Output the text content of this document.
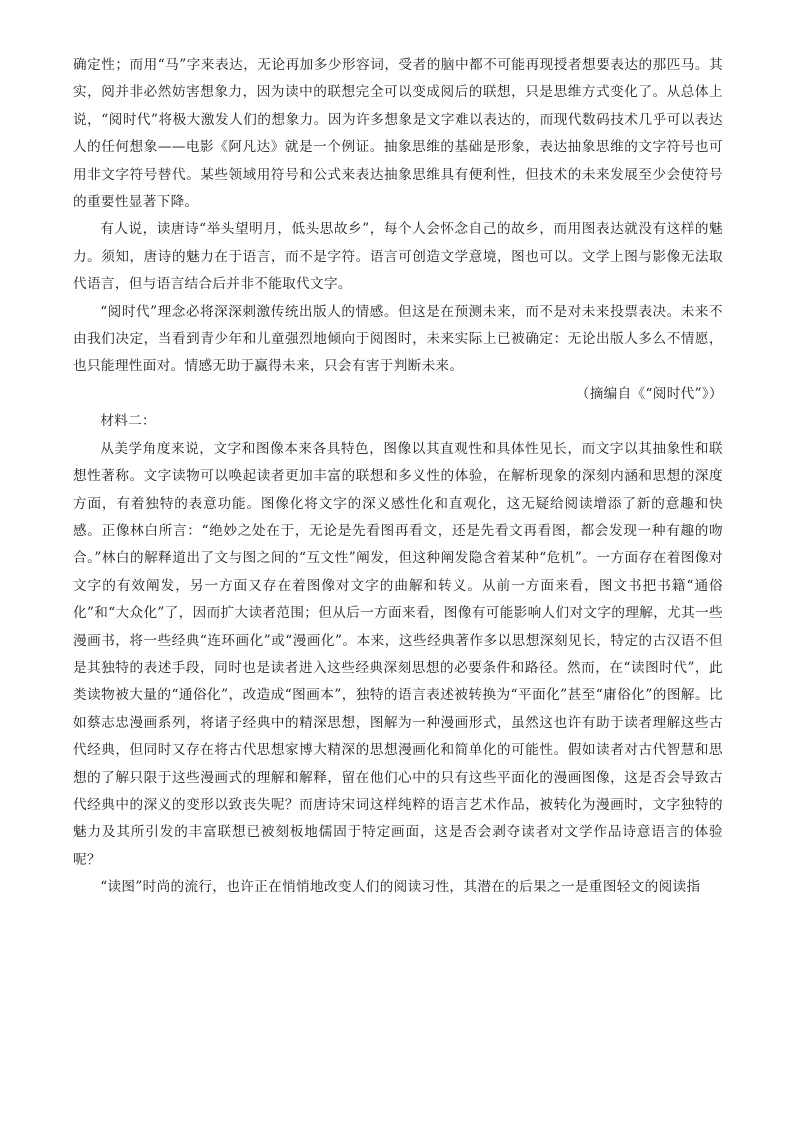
确定性；而用“马”字来表达，无论再加多少形容词，受者的脑中都不可能再现授者想要表达的那匹马。其实，阅并非必然妨害想象力，因为读中的联想完全可以变成阅后的联想，只是思维方式变化了。从总体上说，“阅时代”将极大激发人们的想象力。因为许多想象是文字难以表达的，而现代数码技术几乎可以表达人的任何想象——电影《阿凡达》就是一个例证。抽象思维的基础是形象，表达抽象思维的文字符号也可用非文字符号替代。某些领域用符号和公式来表达抽象思维具有便利性，但技术的未来发展至少会使符号的重要性显著下降。

有人说，读唐诗“举头望明月，低头思故乡”，每个人会怀念自己的故乡，而用图表达就没有这样的魅力。须知，唐诗的魅力在于语言，而不是字符。语言可创造文学意境，图也可以。文学上图与影像无法取代语言，但与语言结合后并非不能取代文字。

“阅时代”理念必将深深刺激传统出版人的情感。但这是在预测未来，而不是对未来投票表决。未来不由我们决定，当看到青少年和儿童强烈地倾向于阅图时，未来实际上已被确定：无论出版人多么不情愿，也只能理性面对。情感无助于赢得未来，只会有害于判断未来。

（摘编自《“阅时代”》）

材料二：

从美学角度来说，文字和图像本来各具特色，图像以其直观性和具体性见长，而文字以其抽象性和联想性著称。文字读物可以唤起读者更加丰富的联想和多义性的体验，在解析现象的深刻内涵和思想的深度方面，有着独特的表意功能。图像化将文字的深义感性化和直观化，这无疑给阅读增添了新的意趣和快感。正像林白所言：“绝妙之处在于，无论是先看图再看文，还是先看文再看图，都会发现一种有趣的吻合。”林白的解释道出了文与图之间的“互文性”阐发，但这种阐发隐含着某种“危机”。一方面存在着图像对文字的有效阐发，另一方面又存在着图像对文字的曲解和转义。从前一方面来看，图文书把书籍“通俗化”和“大众化”了，因而扩大读者范围；但从后一方面来看，图像有可能影响人们对文字的理解，尤其一些漫画书，将一些经典“连环画化”或“漫画化”。本来，这些经典著作多以思想深刻见长，特定的古汉语不但是其独特的表述手段，同时也是读者进入这些经典深刻思想的必要条件和路径。然而，在“读图时代”，此类读物被大量的“通俗化”，改造成“图画本”，独特的语言表述被转换为“平面化”甚至“庸俗化”的图解。比如蔡志忠漫画系列，将诸子经典中的精深思想，图解为一种漫画形式，虽然这也许有助于读者理解这些古代经典，但同时又存在将古代思想家博大精深的思想漫画化和简单化的可能性。假如读者对古代智慧和思想的了解只限于这些漫画式的理解和解释，留在他们心中的只有这些平面化的漫画图像，这是否会导致古代经典中的深义的变形以致丧失呢？而唐诗宋词这样纯粹的语言艺术作品，被转化为漫画时，文字独特的魅力及其所引发的丰富联想已被刻板地儒固于特定画面，这是否会剥夺读者对文学作品诗意语言的体验呢？

“读图”时尚的流行，也许正在悄悄地改变人们的阅读习性，其潜在的后果之一是重图轻文的阅读指
